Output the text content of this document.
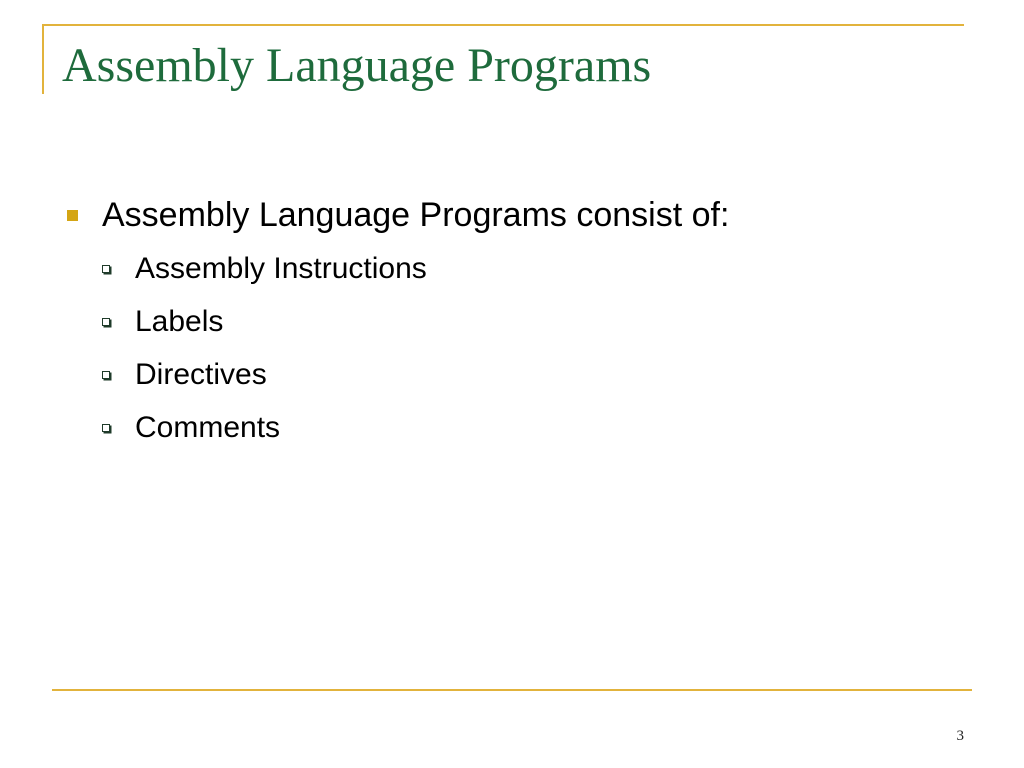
Assembly Language Programs
Assembly Language Programs consist of:
Assembly Instructions
Labels
Directives
Comments
3
